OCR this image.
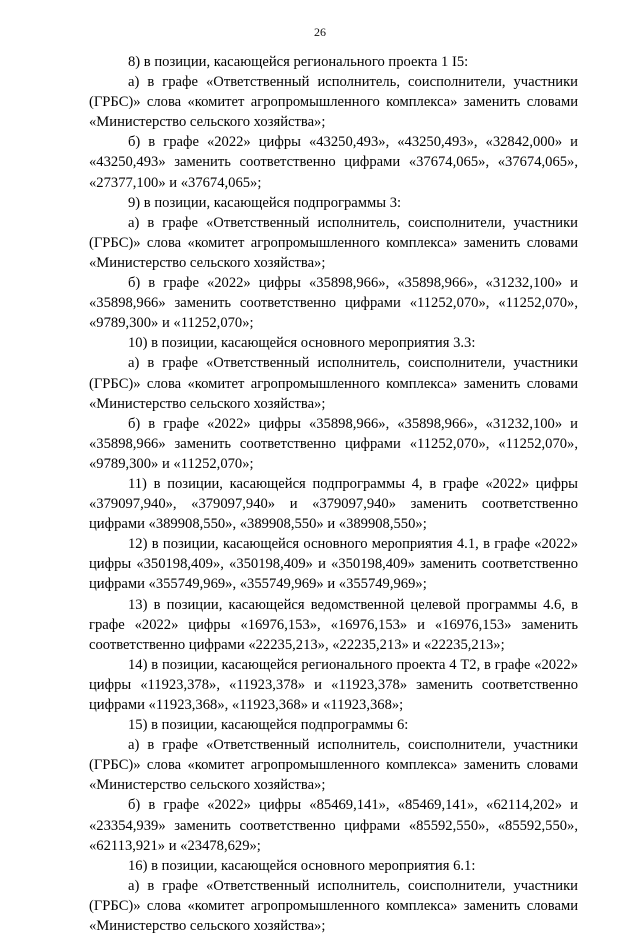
26

8) в позиции, касающейся регионального проекта 1 I5:

а) в графе «Ответственный исполнитель, соисполнители, участники (ГРБС)» слова «комитет агропромышленного комплекса» заменить словами «Министерство сельского хозяйства»;

б) в графе «2022» цифры «43250,493», «43250,493», «32842,000» и «43250,493» заменить соответственно цифрами «37674,065», «37674,065», «27377,100» и «37674,065»;

9) в позиции, касающейся подпрограммы 3:

а) в графе «Ответственный исполнитель, соисполнители, участники (ГРБС)» слова «комитет агропромышленного комплекса» заменить словами «Министерство сельского хозяйства»;

б) в графе «2022» цифры «35898,966», «35898,966», «31232,100» и «35898,966» заменить соответственно цифрами «11252,070», «11252,070», «9789,300» и «11252,070»;

10) в позиции, касающейся основного мероприятия 3.3:

а) в графе «Ответственный исполнитель, соисполнители, участники (ГРБС)» слова «комитет агропромышленного комплекса» заменить словами «Министерство сельского хозяйства»;

б) в графе «2022» цифры «35898,966», «35898,966», «31232,100» и «35898,966» заменить соответственно цифрами «11252,070», «11252,070», «9789,300» и «11252,070»;

11) в позиции, касающейся подпрограммы 4, в графе «2022» цифры «379097,940», «379097,940» и «379097,940» заменить соответственно цифрами «389908,550», «389908,550» и «389908,550»;

12) в позиции, касающейся основного мероприятия 4.1, в графе «2022» цифры «350198,409», «350198,409» и «350198,409» заменить соответственно цифрами «355749,969», «355749,969» и «355749,969»;

13) в позиции, касающейся ведомственной целевой программы 4.6, в графе «2022» цифры «16976,153», «16976,153» и «16976,153» заменить соответственно цифрами «22235,213», «22235,213» и «22235,213»;

14) в позиции, касающейся регионального проекта 4 Т2, в графе «2022» цифры «11923,378», «11923,378» и «11923,378» заменить соответственно цифрами «11923,368», «11923,368» и «11923,368»;

15) в позиции, касающейся подпрограммы 6:

а) в графе «Ответственный исполнитель, соисполнители, участники (ГРБС)» слова «комитет агропромышленного комплекса» заменить словами «Министерство сельского хозяйства»;

б) в графе «2022» цифры «85469,141», «85469,141», «62114,202» и «23354,939» заменить соответственно цифрами «85592,550», «85592,550», «62113,921» и «23478,629»;

16) в позиции, касающейся основного мероприятия 6.1:

а) в графе «Ответственный исполнитель, соисполнители, участники (ГРБС)» слова «комитет агропромышленного комплекса» заменить словами «Министерство сельского хозяйства»;
